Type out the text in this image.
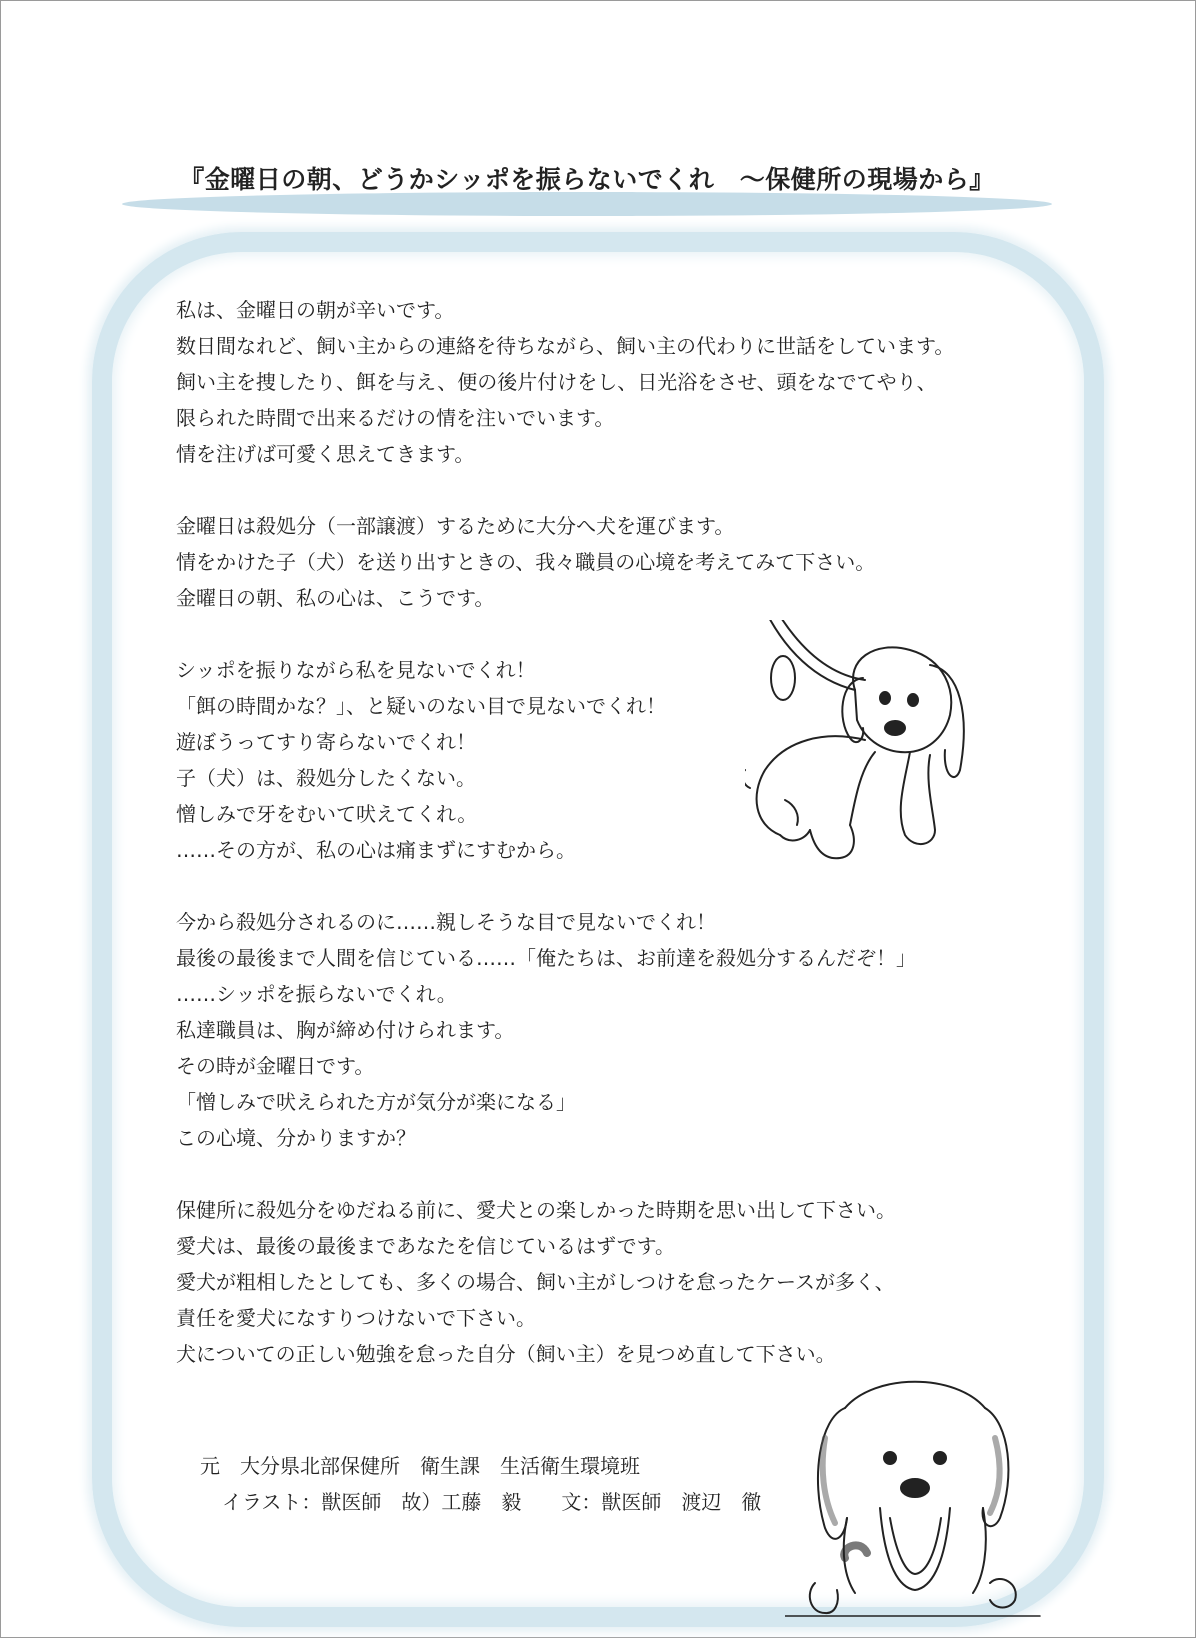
『金曜日の朝、どうかシッポを振らないでくれ　～保健所の現場から』
私は、金曜日の朝が辛いです。
数日間なれど、飼い主からの連絡を待ちながら、飼い主の代わりに世話をしています。
飼い主を捜したり、餌を与え、便の後片付けをし、日光浴をさせ、頭をなでてやり、
限られた時間で出来るだけの情を注いでいます。
情を注げば可愛く思えてきます。
金曜日は殺処分（一部譲渡）するために大分へ犬を運びます。
情をかけた子（犬）を送り出すときの、我々職員の心境を考えてみて下さい。
金曜日の朝、私の心は、こうです。
シッポを振りながら私を見ないでくれ！
「餌の時間かな？」、と疑いのない目で見ないでくれ！
遊ぼうってすり寄らないでくれ！
子（犬）は、殺処分したくない。
憎しみで牙をむいて吠えてくれ。
……その方が、私の心は痛まずにすむから。
今から殺処分されるのに……親しそうな目で見ないでくれ！
最後の最後まで人間を信じている……「俺たちは、お前達を殺処分するんだぞ！」
……シッポを振らないでくれ。
私達職員は、胸が締め付けられます。
その時が金曜日です。
「憎しみで吠えられた方が気分が楽になる」
この心境、分かりますか？
保健所に殺処分をゆだねる前に、愛犬との楽しかった時期を思い出して下さい。
愛犬は、最後の最後まであなたを信じているはずです。
愛犬が粗相したとしても、多くの場合、飼い主がしつけを怠ったケースが多く、
責任を愛犬になすりつけないで下さい。
犬についての正しい勉強を怠った自分（飼い主）を見つめ直して下さい。
元　大分県北部保健所　衛生課　生活衛生環境班
イラスト：獣医師　故）工藤　毅　　文：獣医師　渡辺　徹
